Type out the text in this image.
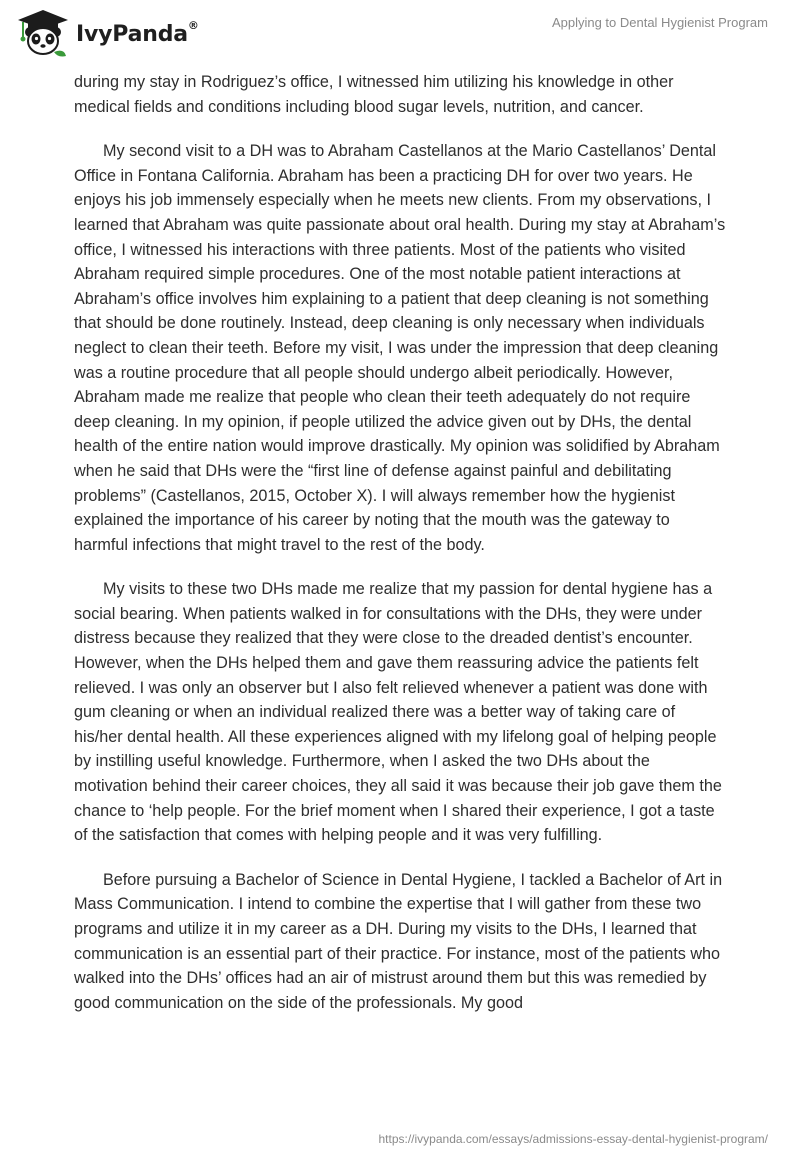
IvyPanda®	Applying to Dental Hygienist Program

during my stay in Rodriguez’s office, I witnessed him utilizing his knowledge in other medical fields and conditions including blood sugar levels, nutrition, and cancer.

My second visit to a DH was to Abraham Castellanos at the Mario Castellanos’ Dental Office in Fontana California. Abraham has been a practicing DH for over two years. He enjoys his job immensely especially when he meets new clients. From my observations, I learned that Abraham was quite passionate about oral health. During my stay at Abraham’s office, I witnessed his interactions with three patients. Most of the patients who visited Abraham required simple procedures. One of the most notable patient interactions at Abraham’s office involves him explaining to a patient that deep cleaning is not something that should be done routinely. Instead, deep cleaning is only necessary when individuals neglect to clean their teeth. Before my visit, I was under the impression that deep cleaning was a routine procedure that all people should undergo albeit periodically. However, Abraham made me realize that people who clean their teeth adequately do not require deep cleaning. In my opinion, if people utilized the advice given out by DHs, the dental health of the entire nation would improve drastically. My opinion was solidified by Abraham when he said that DHs were the “first line of defense against painful and debilitating problems” (Castellanos, 2015, October X). I will always remember how the hygienist explained the importance of his career by noting that the mouth was the gateway to harmful infections that might travel to the rest of the body.

My visits to these two DHs made me realize that my passion for dental hygiene has a social bearing. When patients walked in for consultations with the DHs, they were under distress because they realized that they were close to the dreaded dentist’s encounter. However, when the DHs helped them and gave them reassuring advice the patients felt relieved. I was only an observer but I also felt relieved whenever a patient was done with gum cleaning or when an individual realized there was a better way of taking care of his/her dental health. All these experiences aligned with my lifelong goal of helping people by instilling useful knowledge. Furthermore, when I asked the two DHs about the motivation behind their career choices, they all said it was because their job gave them the chance to ‘help people. For the brief moment when I shared their experience, I got a taste of the satisfaction that comes with helping people and it was very fulfilling.

Before pursuing a Bachelor of Science in Dental Hygiene, I tackled a Bachelor of Art in Mass Communication. I intend to combine the expertise that I will gather from these two programs and utilize it in my career as a DH. During my visits to the DHs, I learned that communication is an essential part of their practice. For instance, most of the patients who walked into the DHs’ offices had an air of mistrust around them but this was remedied by good communication on the side of the professionals. My good

https://ivypanda.com/essays/admissions-essay-dental-hygienist-program/
